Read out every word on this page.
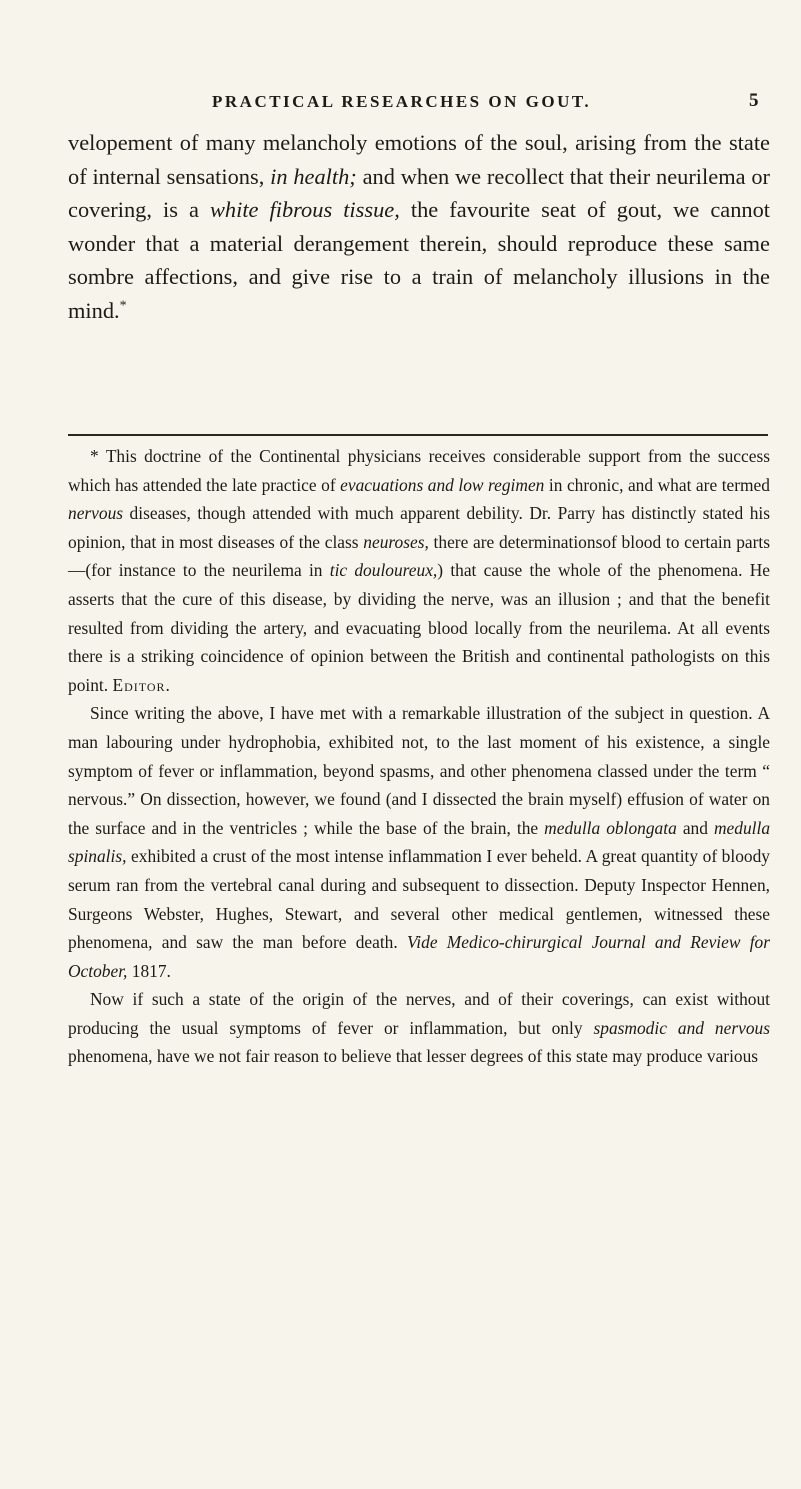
PRACTICAL RESEARCHES ON GOUT.	5

velopement of many melancholy emotions of the soul, arising from the state of internal sensations, in health; and when we recollect that their neurilema or covering, is a white fibrous tissue, the favourite seat of gout, we cannot wonder that a material derangement therein, should reproduce these same sombre affections, and give rise to a train of melancholy illusions in the mind.*

* This doctrine of the Continental physicians receives considerable support from the success which has attended the late practice of evacuations and low regimen in chronic, and what are termed nervous diseases, though attended with much apparent debility. Dr. Parry has distinctly stated his opinion, that in most diseases of the class neuroses, there are determinationsof blood to certain parts—(for instance to the neurilema in tic douloureux,) that cause the whole of the phenomena. He asserts that the cure of this disease, by dividing the nerve, was an illusion ; and that the benefit resulted from dividing the artery, and evacuating blood locally from the neurilema. At all events there is a striking coincidence of opinion between the British and continental pathologists on this point. Editor.

Since writing the above, I have met with a remarkable illustration of the subject in question. A man labouring under hydrophobia, exhibited not, to the last moment of his existence, a single symptom of fever or inflammation, beyond spasms, and other phenomena classed under the term “ nervous.” On dissection, however, we found (and I dissected the brain myself) effusion of water on the surface and in the ventricles ; while the base of the brain, the medulla oblongata and medulla spinalis, exhibited a crust of the most intense inflammation I ever beheld. A great quantity of bloody serum ran from the vertebral canal during and subsequent to dissection. Deputy Inspector Hennen, Surgeons Webster, Hughes, Stewart, and several other medical gentlemen, witnessed these phenomena, and saw the man before death. Vide Medico-chirurgical Journal and Review for October, 1817.

Now if such a state of the origin of the nerves, and of their coverings, can exist without producing the usual symptoms of fever or inflammation, but only spasmodic and nervous phenomena, have we not fair reason to believe that lesser degrees of this state may produce various
